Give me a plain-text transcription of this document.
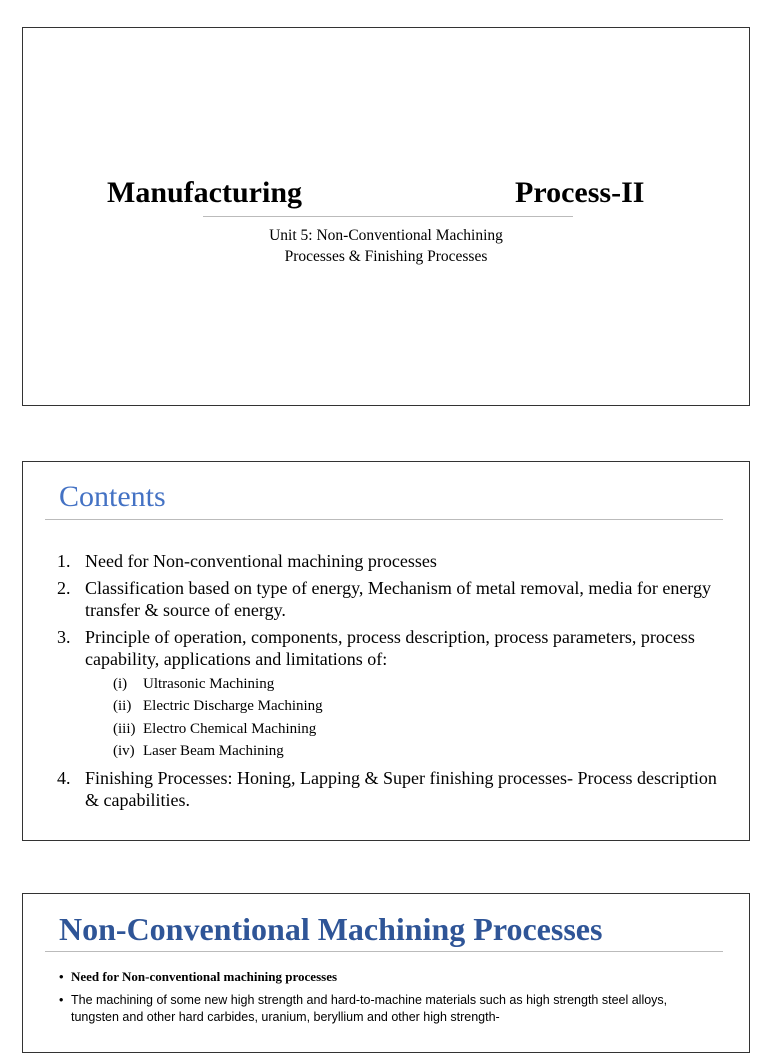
Manufacturing	Process-II
Unit 5: Non-Conventional Machining
Processes & Finishing Processes
Contents
1. Need for Non-conventional machining processes
2. Classification based on type of energy, Mechanism of metal removal, media for energy transfer & source of energy.
3. Principle of operation, components, process description, process parameters, process capability, applications and limitations of:
(i) Ultrasonic Machining
(ii) Electric Discharge Machining
(iii) Electro Chemical Machining
(iv) Laser Beam Machining
4. Finishing Processes: Honing, Lapping & Super finishing processes- Process description & capabilities.
Non-Conventional Machining Processes
• Need for Non-conventional machining processes
• The machining of some new high strength and hard-to-machine materials such as high strength steel alloys, tungsten and other hard carbides, uranium, beryllium and other high strength-
